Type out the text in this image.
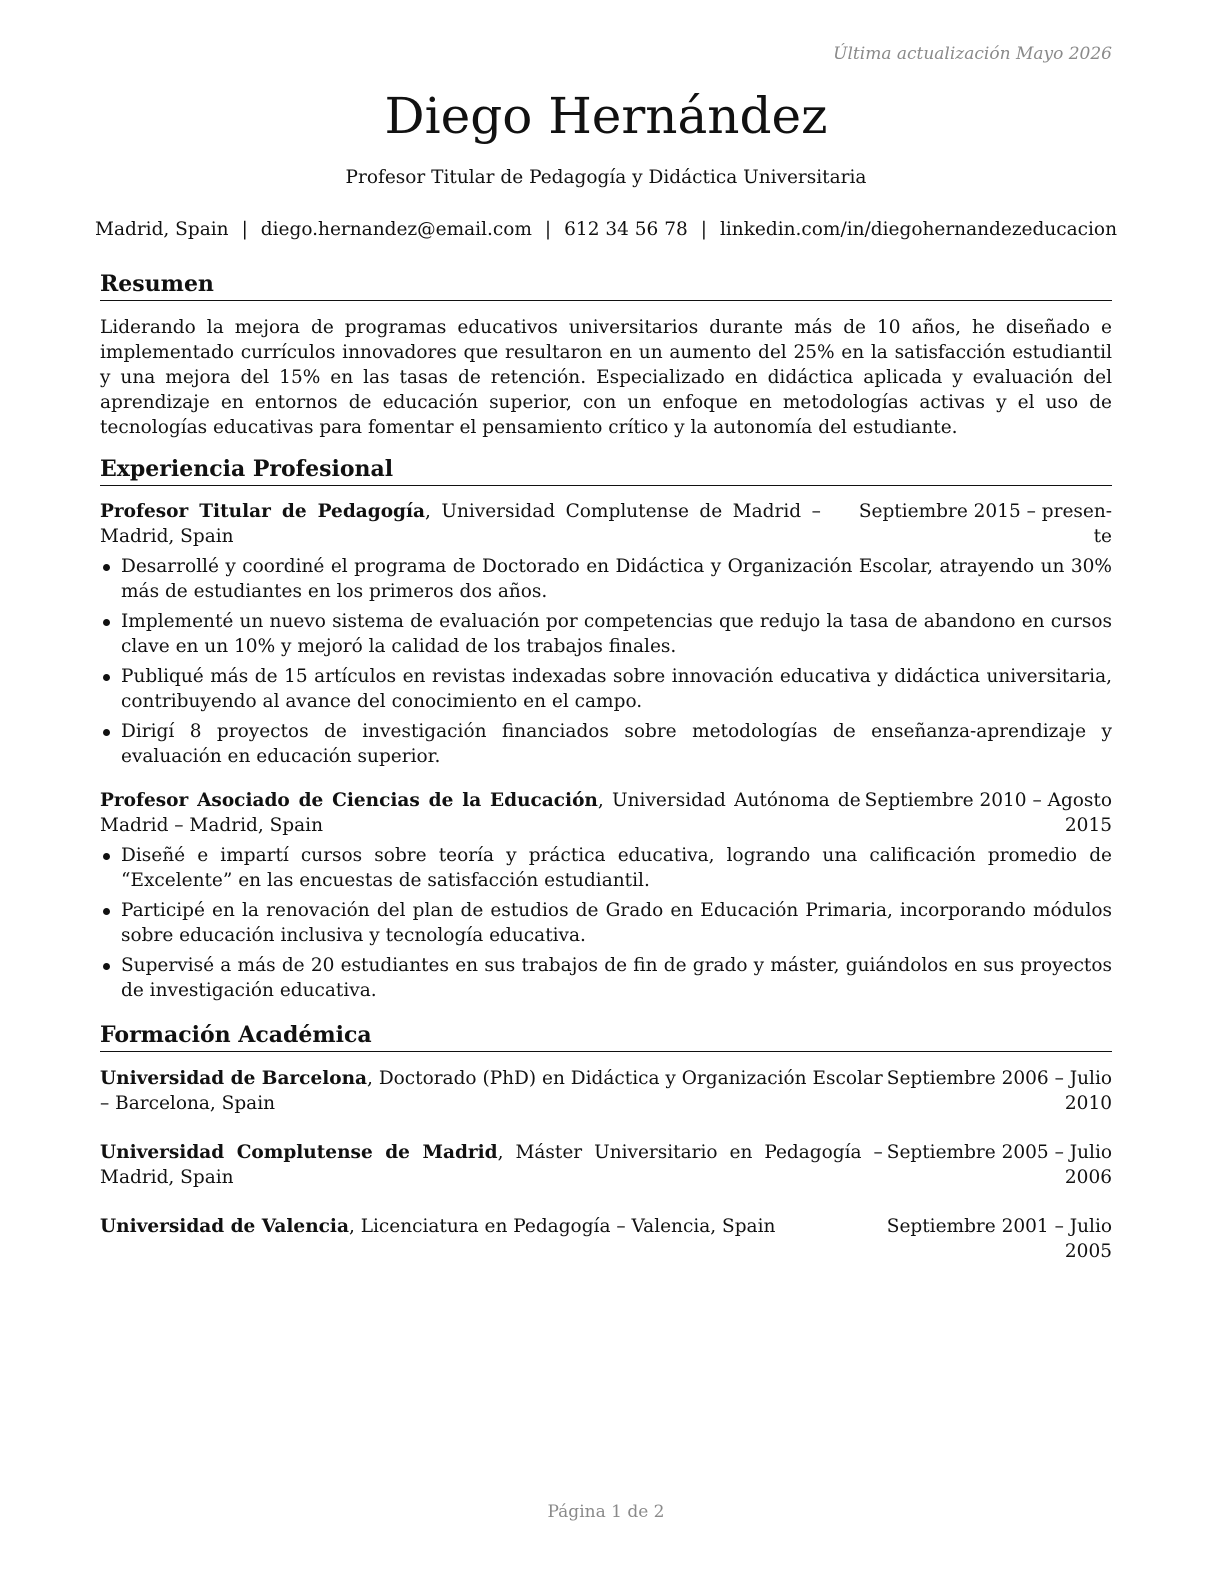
Última actualización Mayo 2026
Diego Hernández
Profesor Titular de Pedagogía y Didáctica Universitaria
Madrid, Spain | diego.hernandez@email.com | 612 34 56 78 | linkedin.com/in/diegohernandezeducacion
Resumen
Liderando la mejora de programas educativos universitarios durante más de 10 años, he diseñado e implementado currículos innovadores que resultaron en un aumento del 25% en la satisfacción estudiantil y una mejora del 15% en las tasas de retención. Especializado en didáctica aplicada y evaluación del aprendizaje en entornos de educación superior, con un enfoque en metodologías activas y el uso de tecnologías educativas para fomentar el pensamiento crítico y la autonomía del estudiante.
Experiencia Profesional
Profesor Titular de Pedagogía, Universidad Complutense de Madrid – Madrid, Spain
Septiembre 2015 – presen-
te
Desarrollé y coordiné el programa de Doctorado en Didáctica y Organización Escolar, atrayendo un 30% más de estudiantes en los primeros dos años.
Implementé un nuevo sistema de evaluación por competencias que redujo la tasa de abandono en cursos clave en un 10% y mejoró la calidad de los trabajos finales.
Publiqué más de 15 artículos en revistas indexadas sobre innovación educativa y didáctica universitaria, contribuyendo al avance del conocimiento en el campo.
Dirigí 8 proyectos de investigación financiados sobre metodologías de enseñanza-aprendizaje y evaluación en educación superior.
Profesor Asociado de Ciencias de la Educación, Universidad Autónoma de Madrid – Madrid, Spain
Septiembre 2010 – Agosto
2015
Diseñé e impartí cursos sobre teoría y práctica educativa, logrando una calificación promedio de “Excelente” en las encuestas de satisfacción estudiantil.
Participé en la renovación del plan de estudios de Grado en Educación Primaria, incorporando módulos sobre educación inclusiva y tecnología educativa.
Supervisé a más de 20 estudiantes en sus trabajos de fin de grado y máster, guiándolos en sus proyectos de investigación educativa.
Formación Académica
Universidad de Barcelona, Doctorado (PhD) en Didáctica y Organización Escolar – Barcelona, Spain
Septiembre 2006 – Julio
2010
Universidad Complutense de Madrid, Máster Universitario en Pedagogía – Madrid, Spain
Septiembre 2005 – Julio
2006
Universidad de Valencia, Licenciatura en Pedagogía – Valencia, Spain	Septiembre 2001 – Julio
2005
Página 1 de 2
